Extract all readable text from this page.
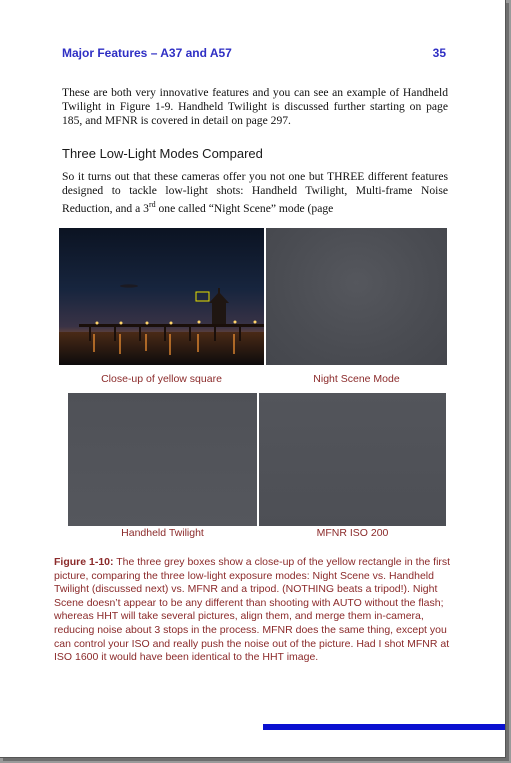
Major Features – A37 and A57	35

These are both very innovative features and you can see an example of Handheld Twilight in Figure 1-9. Handheld Twilight is discussed further starting on page 185, and MFNR is covered in detail on page 297.

Three Low-Light Modes Compared

So it turns out that these cameras offer you not one but THREE different features designed to tackle low-light shots: Handheld Twilight, Multi-frame Noise Reduction, and a 3rd one called “Night Scene” mode (page

Close-up of yellow square	Night Scene Mode
Handheld Twilight	MFNR ISO 200

Figure 1-10: The three grey boxes show a close-up of the yellow rectangle in the first picture, comparing the three low-light exposure modes: Night Scene vs. Handheld Twilight (discussed next) vs. MFNR and a tripod. (NOTHING beats a tripod!). Night Scene doesn’t appear to be any different than shooting with AUTO without the flash; whereas HHT will take several pictures, align them, and merge them in-camera, reducing noise about 3 stops in the process. MFNR does the same thing, except you can control your ISO and really push the noise out of the picture. Had I shot MFNR at ISO 1600 it would have been identical to the HHT image.
